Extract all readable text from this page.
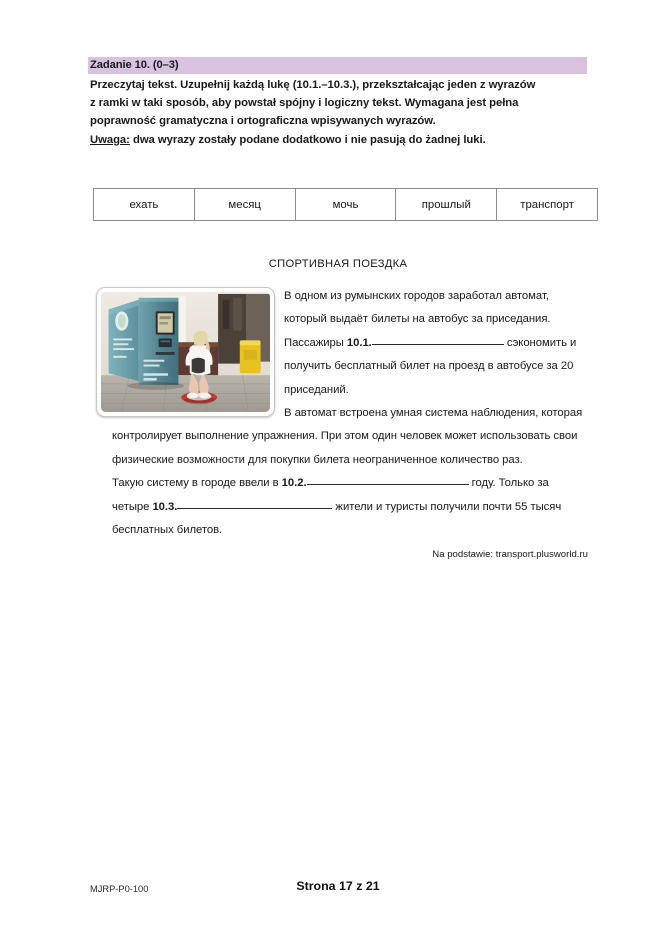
Zadanie 10. (0–3)

Przeczytaj tekst. Uzupełnij każdą lukę (10.1.–10.3.), przekształcając jeden z wyrazów

z ramki w taki sposób, aby powstał spójny i logiczny tekst. Wymagana jest pełna

poprawność gramatyczna i ortograficzna wpisywanych wyrazów.

Uwaga: dwa wyrazy zostały podane dodatkowo i nie pasują do żadnej luki.

ехать	месяц	мочь	прошлый	транспорт
СПОРТИВНАЯ ПОЕЗДКА

В одном из румынских городов заработал автомат, который выдаёт билеты на автобус за приседания. Пассажиры 10.1.	сэкономить и получить бесплатный билет на проезд в автобусе за 20 приседаний.

В автомат встроена умная система наблюдения, которая контролирует выполнение упражнения. При этом один человек может использовать свои физические возможности для покупки билета неограниченное количество раз.

Такую систему в городе ввели в 10.2.	году. Только за четыре 10.3.	жители и туристы получили почти 55 тысяч бесплатных билетов.

Na podstawie: transport.plusworld.ru
MJRP-P0-100	Strona 17 z 21
